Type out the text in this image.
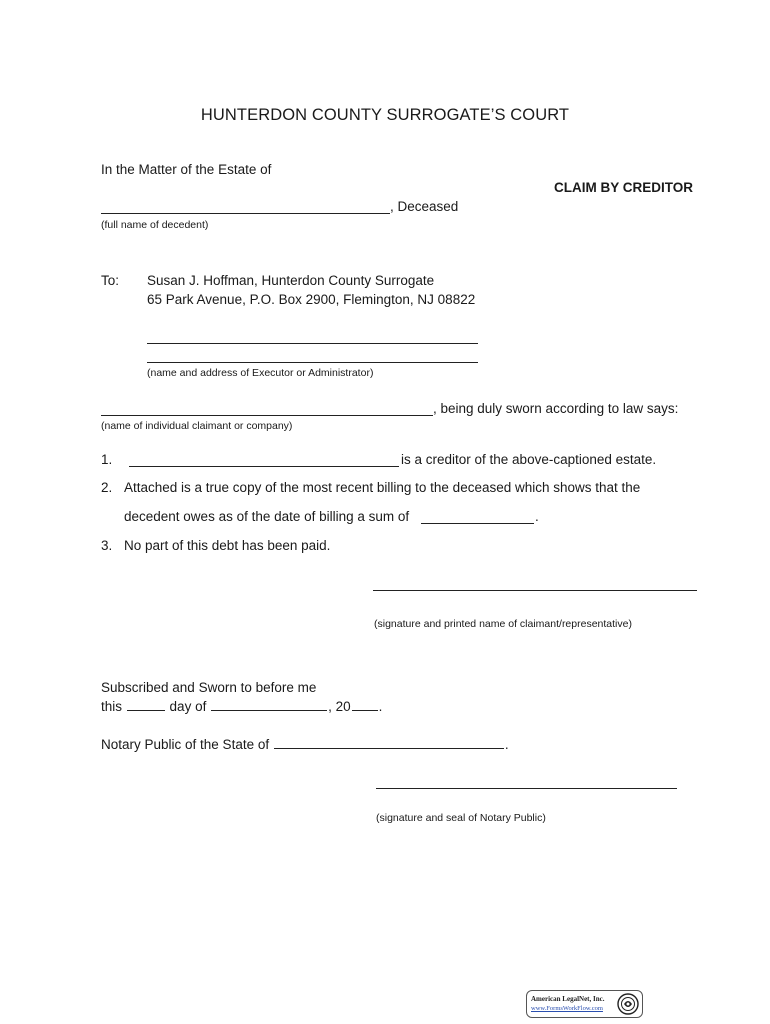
HUNTERDON COUNTY SURROGATE’S COURT
In the Matter of the Estate of
CLAIM BY CREDITOR
, Deceased
(full name of decedent)
To: Susan J. Hoffman, Hunterdon County Surrogate
65 Park Avenue, P.O. Box 2900, Flemington, NJ 08822
(name and address of Executor or Administrator)
, being duly sworn according to law says:
(name of individual claimant or company)
1.	is a creditor of the above-captioned estate.
2. Attached is a true copy of the most recent billing to the deceased which shows that the
decedent owes as of the date of billing a sum of	.
3. No part of this debt has been paid.
(signature and printed name of claimant/representative)
Subscribed and Sworn to before me
this	day of	, 20 .
Notary Public of the State of	.
(signature and seal of Notary Public)
American LegalNet, Inc.
www.FormsWorkFlow.com
